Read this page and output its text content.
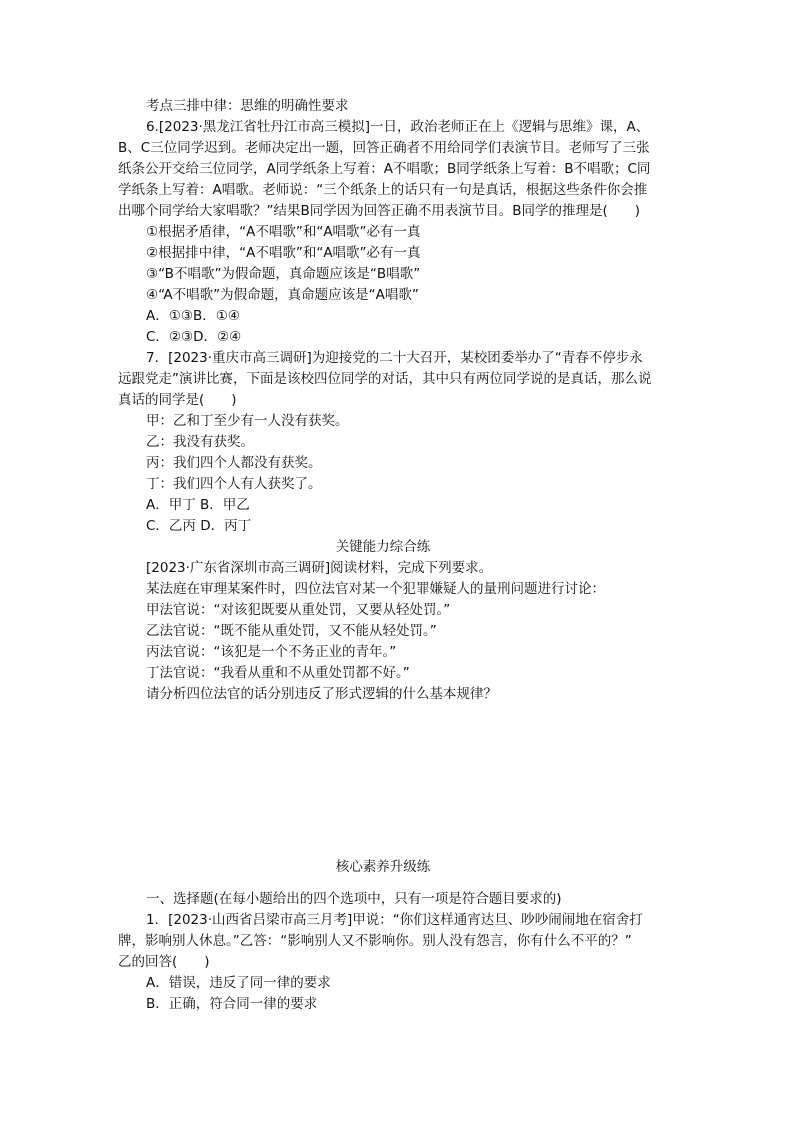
考点三排中律：思维的明确性要求
6.[2023·黑龙江省牡丹江市高三模拟]一日，政治老师正在上《逻辑与思维》课，A、
B、C三位同学迟到。老师决定出一题，回答正确者不用给同学们表演节目。老师写了三张
纸条公开交给三位同学，A同学纸条上写着：A不唱歌；B同学纸条上写着：B不唱歌；C同
学纸条上写着：A唱歌。老师说：“三个纸条上的话只有一句是真话，根据这些条件你会推
出哪个同学给大家唱歌？”结果B同学因为回答正确不用表演节目。B同学的推理是(　　)
①根据矛盾律，“A不唱歌”和“A唱歌”必有一真
②根据排中律，“A不唱歌”和“A唱歌”必有一真
③“B不唱歌”为假命题，真命题应该是“B唱歌”
④“A不唱歌”为假命题，真命题应该是“A唱歌”
A．①③B．①④
C．②③D．②④
7．[2023·重庆市高三调研]为迎接党的二十大召开，某校团委举办了“青春不停步永
远跟党走”演讲比赛，下面是该校四位同学的对话，其中只有两位同学说的是真话，那么说
真话的同学是(　　)
甲：乙和丁至少有一人没有获奖。
乙：我没有获奖。
丙：我们四个人都没有获奖。
丁：我们四个人有人获奖了。
A．甲丁 B．甲乙
C．乙丙 D．丙丁
关键能力综合练
[2023·广东省深圳市高三调研]阅读材料，完成下列要求。
某法庭在审理某案件时，四位法官对某一个犯罪嫌疑人的量刑问题进行讨论：
甲法官说：“对该犯既要从重处罚，又要从轻处罚。”
乙法官说：“既不能从重处罚，又不能从轻处罚。”
丙法官说：“该犯是一个不务正业的青年。”
丁法官说：“我看从重和不从重处罚都不好。”
请分析四位法官的话分别违反了形式逻辑的什么基本规律？
核心素养升级练
一、选择题(在每小题给出的四个选项中，只有一项是符合题目要求的)
1．[2023·山西省吕梁市高三月考]甲说：“你们这样通宵达旦、吵吵闹闹地在宿舍打
牌，影响别人休息。”乙答：“影响别人又不影响你。别人没有怨言，你有什么不平的？”
乙的回答(　　)
A．错误，违反了同一律的要求
B．正确，符合同一律的要求
